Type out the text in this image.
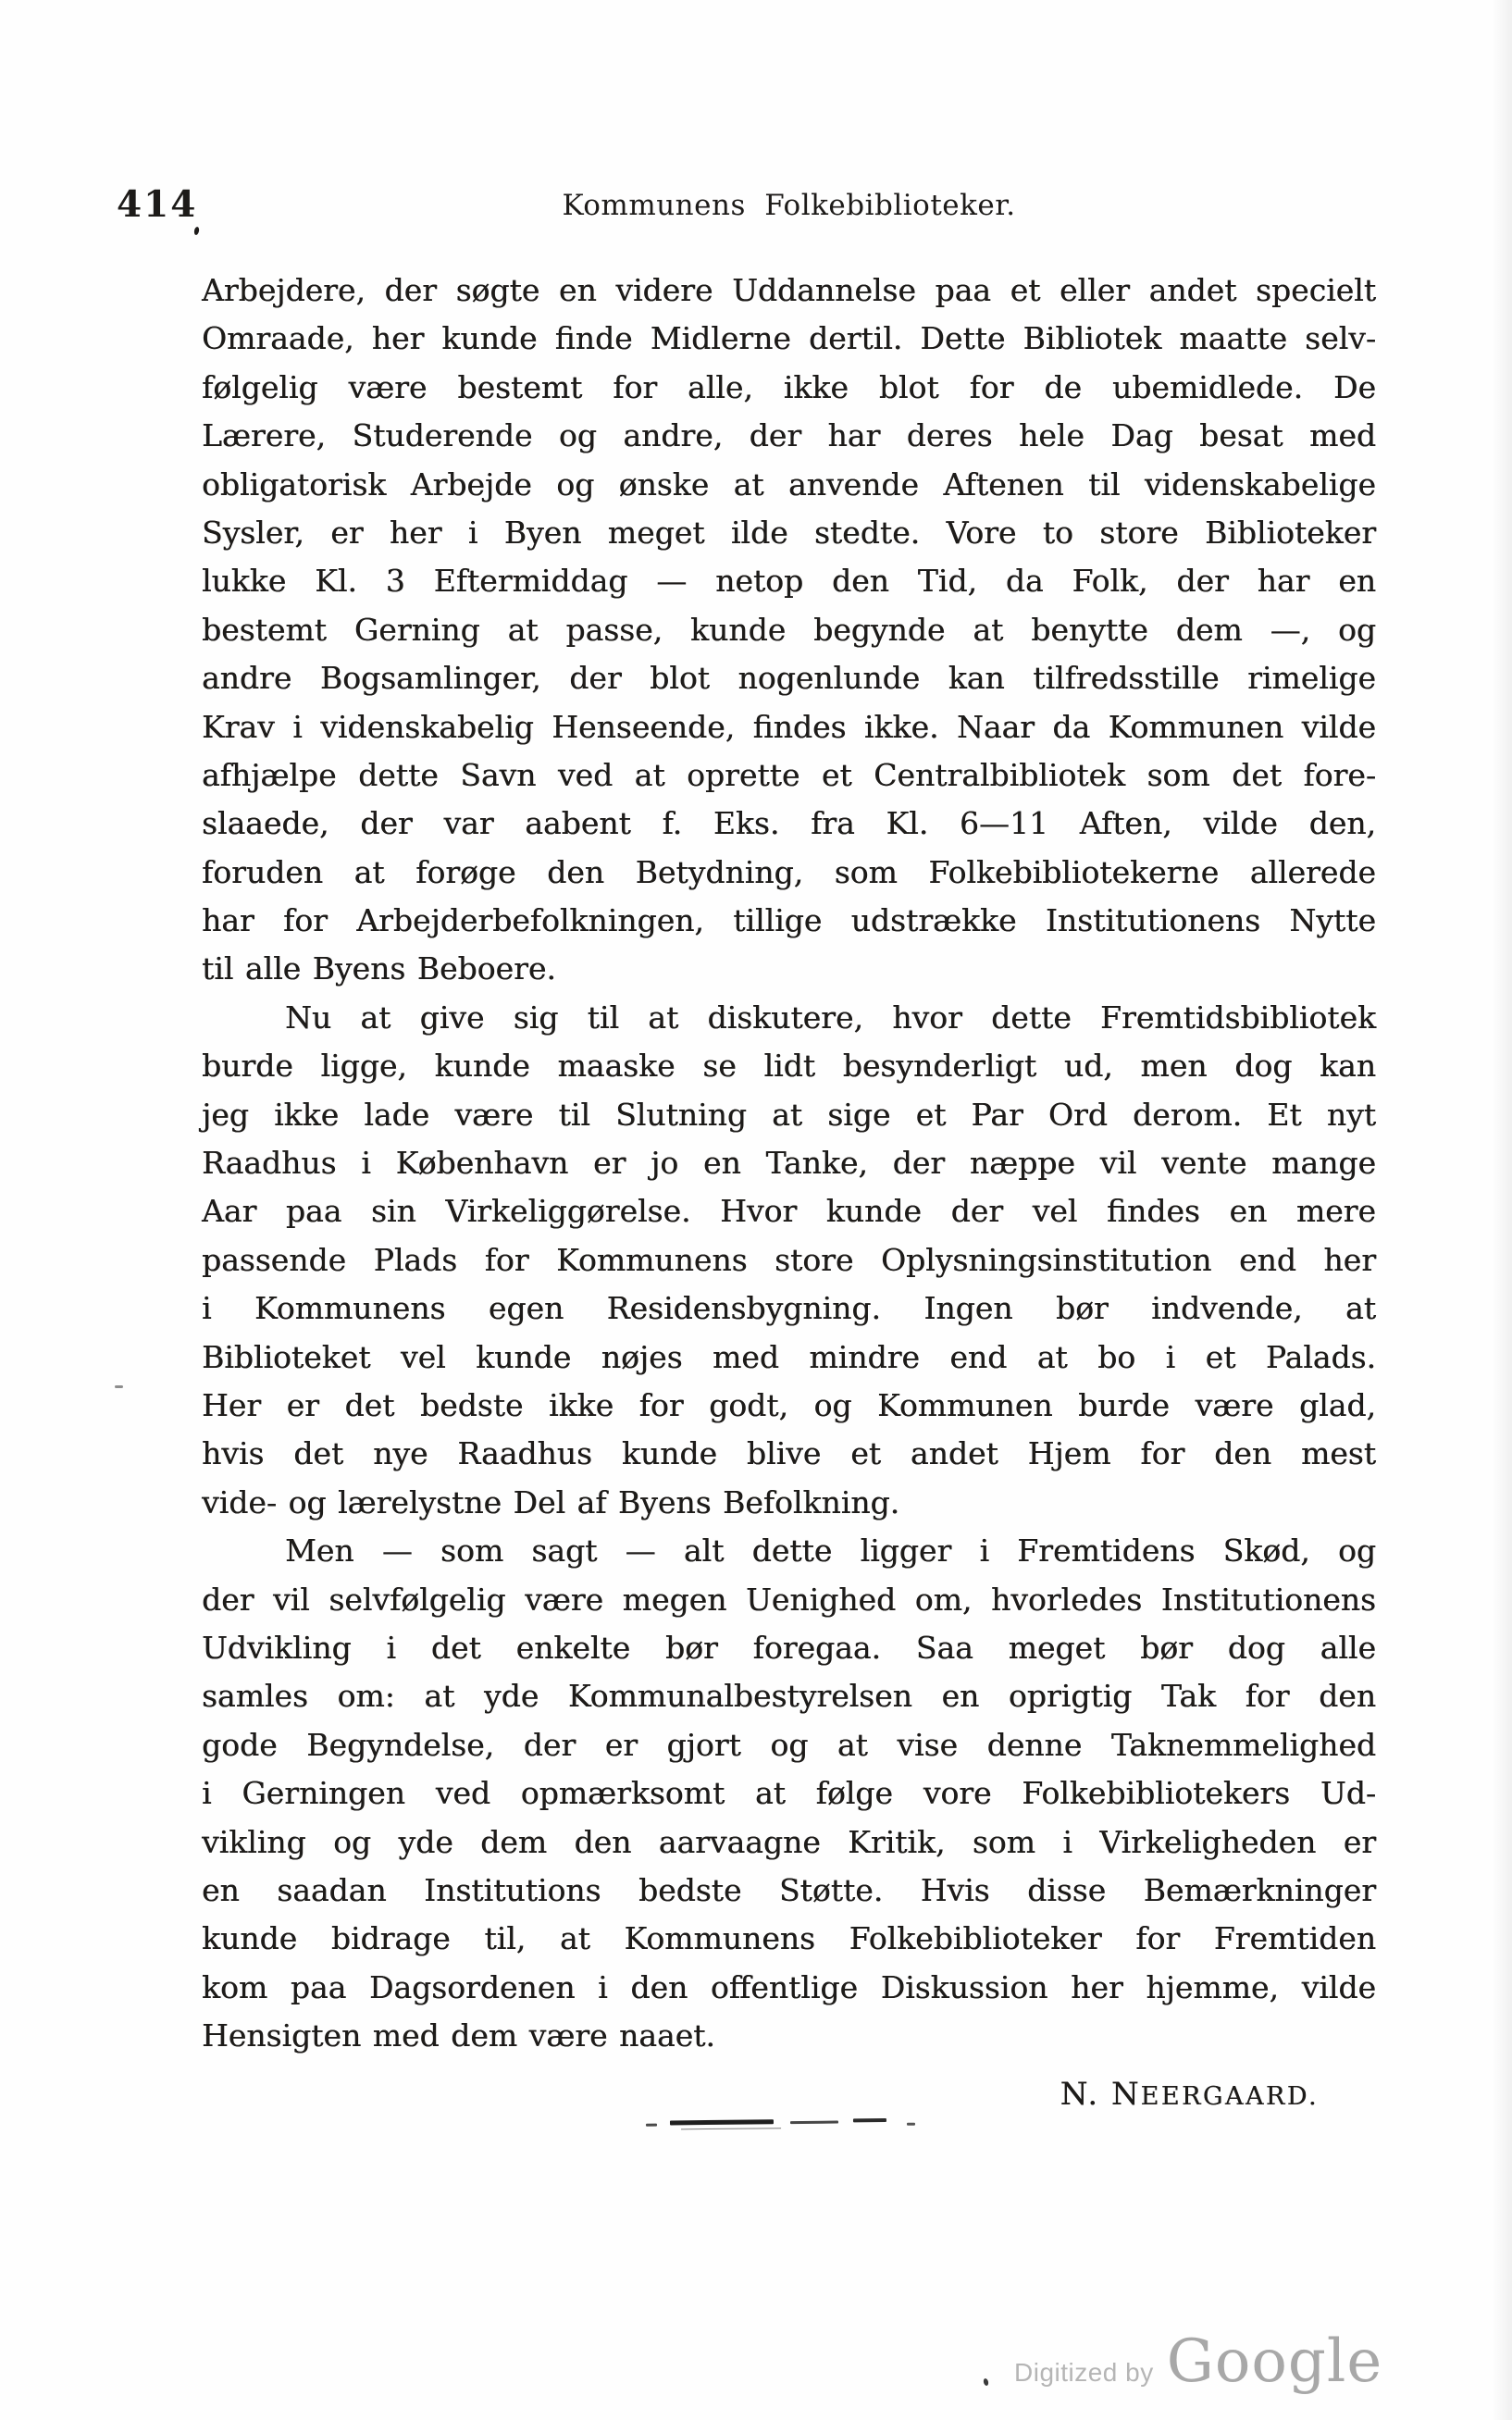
414	Kommunens Folkebiblioteker.
Arbejdere, der søgte en videre Uddannelse paa et eller andet specielt
Omraade, her kunde finde Midlerne dertil. Dette Bibliotek maatte selv-
følgelig være bestemt for alle, ikke blot for de ubemidlede. De
Lærere, Studerende og andre, der har deres hele Dag besat med
obligatorisk Arbejde og ønske at anvende Aftenen til videnskabelige
Sysler, er her i Byen meget ilde stedte. Vore to store Biblioteker
lukke Kl. 3 Eftermiddag — netop den Tid, da Folk, der har en
bestemt Gerning at passe, kunde begynde at benytte dem —, og
andre Bogsamlinger, der blot nogenlunde kan tilfredsstille rimelige
Krav i videnskabelig Henseende, findes ikke. Naar da Kommunen vilde
afhjælpe dette Savn ved at oprette et Centralbibliotek som det fore-
slaaede, der var aabent f. Eks. fra Kl. 6—11 Aften, vilde den,
foruden at forøge den Betydning, som Folkebibliotekerne allerede
har for Arbejderbefolkningen, tillige udstrække Institutionens Nytte
til alle Byens Beboere.
Nu at give sig til at diskutere, hvor dette Fremtidsbibliotek
burde ligge, kunde maaske se lidt besynderligt ud, men dog kan
jeg ikke lade være til Slutning at sige et Par Ord derom. Et nyt
Raadhus i København er jo en Tanke, der næppe vil vente mange
Aar paa sin Virkeliggørelse. Hvor kunde der vel findes en mere
passende Plads for Kommunens store Oplysningsinstitution end her
i Kommunens egen Residensbygning. Ingen bør indvende, at
Biblioteket vel kunde nøjes med mindre end at bo i et Palads.
Her er det bedste ikke for godt, og Kommunen burde være glad,
hvis det nye Raadhus kunde blive et andet Hjem for den mest
vide- og lærelystne Del af Byens Befolkning.
Men — som sagt — alt dette ligger i Fremtidens Skød, og
der vil selvfølgelig være megen Uenighed om, hvorledes Institutionens
Udvikling i det enkelte bør foregaa. Saa meget bør dog alle
samles om: at yde Kommunalbestyrelsen en oprigtig Tak for den
gode Begyndelse, der er gjort og at vise denne Taknemmelighed
i Gerningen ved opmærksomt at følge vore Folkebibliotekers Ud-
vikling og yde dem den aarvaagne Kritik, som i Virkeligheden er
en saadan Institutions bedste Støtte. Hvis disse Bemærkninger
kunde bidrage til, at Kommunens Folkebiblioteker for Fremtiden
kom paa Dagsordenen i den offentlige Diskussion her hjemme, vilde
Hensigten med dem være naaet.
N. NEERGAARD.
Digitized by Google
